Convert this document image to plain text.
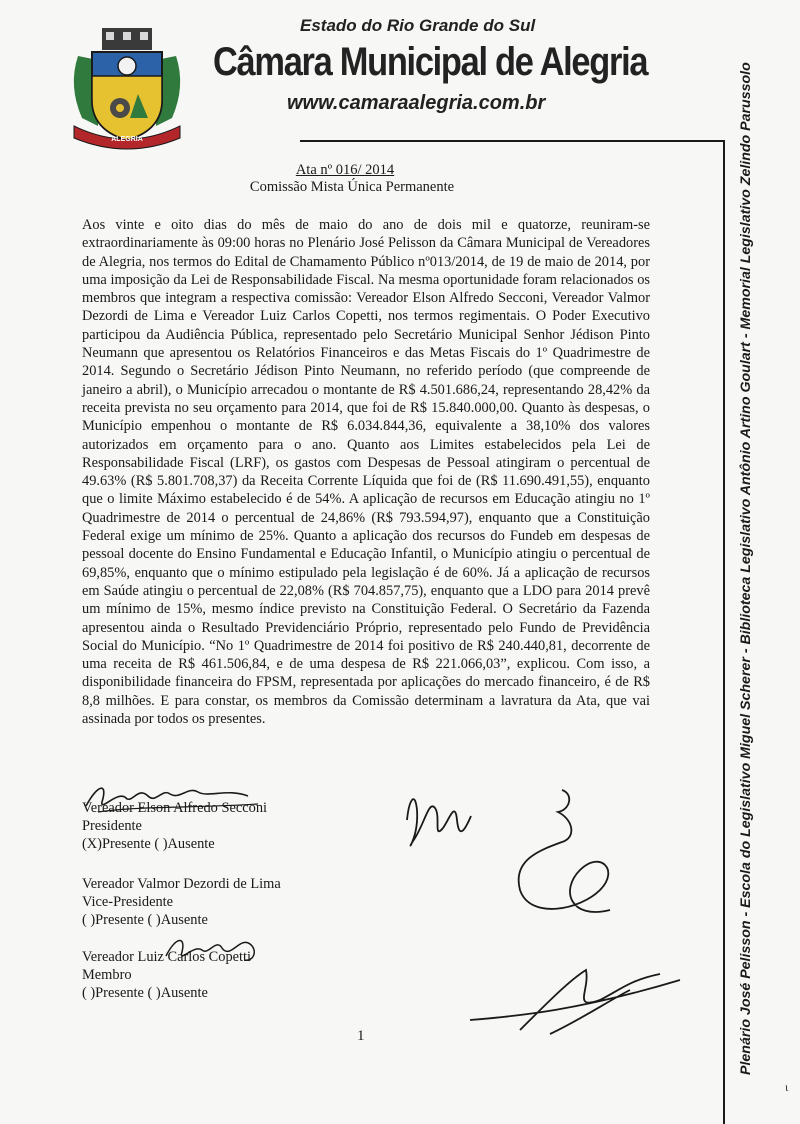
Estado do Rio Grande do Sul
Câmara Municipal de Alegria
www.camaraalegria.com.br
ALEGRIA	Plenário José Pelisson - Escola do Legislativo Miguel Scherer - Biblioteca Legislativo Antônio Artino Goulart - Memorial Legislativo Zelindo Parussolo
Ata nº 016/ 2014
Comissão Mista Única Permanente
Aos vinte e oito dias do mês de maio do ano de dois mil e quatorze, reuniram-se extraordinariamente às 09:00 horas no Plenário José Pelisson da Câmara Municipal de Vereadores de Alegria, nos termos do Edital de Chamamento Público nº013/2014, de 19 de maio de 2014, por uma imposição da Lei de Responsabilidade Fiscal. Na mesma oportunidade foram relacionados os membros que integram a respectiva comissão: Vereador Elson Alfredo Secconi, Vereador Valmor Dezordi de Lima e Vereador Luiz Carlos Copetti, nos termos regimentais. O Poder Executivo participou da Audiência Pública, representado pelo Secretário Municipal Senhor Jédison Pinto Neumann que apresentou os Relatórios Financeiros e das Metas Fiscais do 1º Quadrimestre de 2014. Segundo o Secretário Jédison Pinto Neumann, no referido período (que compreende de janeiro a abril), o Município arrecadou o montante de R$ 4.501.686,24, representando 28,42% da receita prevista no seu orçamento para 2014, que foi de R$ 15.840.000,00. Quanto às despesas, o Município empenhou o montante de R$ 6.034.844,36, equivalente a 38,10% dos valores autorizados em orçamento para o ano. Quanto aos Limites estabelecidos pela Lei de Responsabilidade Fiscal (LRF), os gastos com Despesas de Pessoal atingiram o percentual de 49.63% (R$ 5.801.708,37) da Receita Corrente Líquida que foi de (R$ 11.690.491,55), enquanto que o limite Máximo estabelecido é de 54%. A aplicação de recursos em Educação atingiu no 1º Quadrimestre de 2014 o percentual de 24,86% (R$ 793.594,97), enquanto que a Constituição Federal exige um mínimo de 25%. Quanto a aplicação dos recursos do Fundeb em despesas de pessoal docente do Ensino Fundamental e Educação Infantil, o Município atingiu o percentual de 69,85%, enquanto que o mínimo estipulado pela legislação é de 60%. Já a aplicação de recursos em Saúde atingiu o percentual de 22,08% (R$ 704.857,75), enquanto que a LDO para 2014 prevê um mínimo de 15%, mesmo índice previsto na Constituição Federal. O Secretário da Fazenda apresentou ainda o Resultado Previdenciário Próprio, representado pelo Fundo de Previdência Social do Município. “No 1º Quadrimestre de 2014 foi positivo de R$ 240.440,81, decorrente de uma receita de R$ 461.506,84, e de uma despesa de R$ 221.066,03”, explicou. Com isso, a disponibilidade financeira do FPSM, representada por aplicações do mercado financeiro, é de R$ 8,8 milhões. E para constar, os membros da Comissão determinam a lavratura da Ata, que vai assinada por todos os presentes.
Vereador Elson Alfredo Secconi
Presidente
(X)Presente ( )Ausente
Vereador Valmor Dezordi de Lima
Vice-Presidente
( )Presente ( )Ausente
Vereador Luiz Carlos Copetti
Membro
( )Presente ( )Ausente
1
ι
